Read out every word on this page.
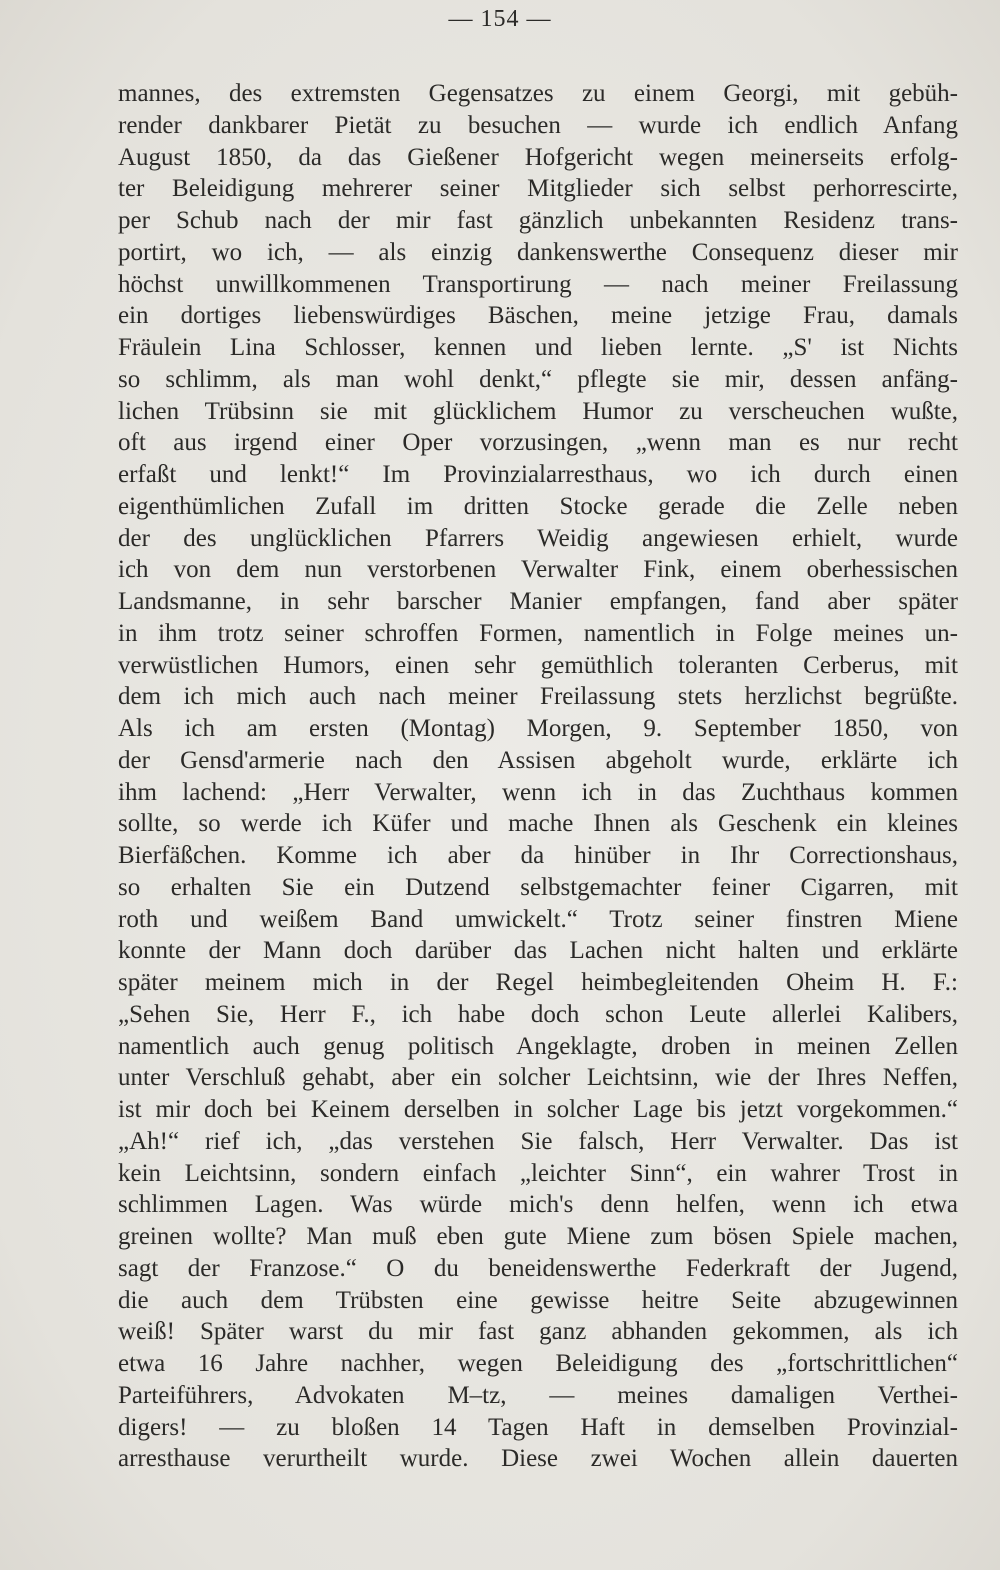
— 154 —
mannes, des extremsten Gegensatzes zu einem Georgi, mit gebüh-
render dankbarer Pietät zu besuchen — wurde ich endlich Anfang
August 1850, da das Gießener Hofgericht wegen meinerseits erfolg-
ter Beleidigung mehrerer seiner Mitglieder sich selbst perhorrescirte,
per Schub nach der mir fast gänzlich unbekannten Residenz trans-
portirt, wo ich, — als einzig dankenswerthe Consequenz dieser mir
höchst unwillkommenen Transportirung — nach meiner Freilassung
ein dortiges liebenswürdiges Bäschen, meine jetzige Frau, damals
Fräulein Lina Schlosser, kennen und lieben lernte. „S' ist Nichts
so schlimm, als man wohl denkt,“ pflegte sie mir, dessen anfäng-
lichen Trübsinn sie mit glücklichem Humor zu verscheuchen wußte,
oft aus irgend einer Oper vorzusingen, „wenn man es nur recht
erfaßt und lenkt!“ Im Provinzialarresthaus, wo ich durch einen
eigenthümlichen Zufall im dritten Stocke gerade die Zelle neben
der des unglücklichen Pfarrers Weidig angewiesen erhielt, wurde
ich von dem nun verstorbenen Verwalter Fink, einem oberhessischen
Landsmanne, in sehr barscher Manier empfangen, fand aber später
in ihm trotz seiner schroffen Formen, namentlich in Folge meines un-
verwüstlichen Humors, einen sehr gemüthlich toleranten Cerberus, mit
dem ich mich auch nach meiner Freilassung stets herzlichst begrüßte.
Als ich am ersten (Montag) Morgen, 9. September 1850, von
der Gensd'armerie nach den Assisen abgeholt wurde, erklärte ich
ihm lachend: „Herr Verwalter, wenn ich in das Zuchthaus kommen
sollte, so werde ich Küfer und mache Ihnen als Geschenk ein kleines
Bierfäßchen. Komme ich aber da hinüber in Ihr Correctionshaus,
so erhalten Sie ein Dutzend selbstgemachter feiner Cigarren, mit
roth und weißem Band umwickelt.“ Trotz seiner finstren Miene
konnte der Mann doch darüber das Lachen nicht halten und erklärte
später meinem mich in der Regel heimbegleitenden Oheim H. F.:
„Sehen Sie, Herr F., ich habe doch schon Leute allerlei Kalibers,
namentlich auch genug politisch Angeklagte, droben in meinen Zellen
unter Verschluß gehabt, aber ein solcher Leichtsinn, wie der Ihres Neffen,
ist mir doch bei Keinem derselben in solcher Lage bis jetzt vorgekommen.“
„Ah!“ rief ich, „das verstehen Sie falsch, Herr Verwalter. Das ist
kein Leichtsinn, sondern einfach „leichter Sinn“, ein wahrer Trost in
schlimmen Lagen. Was würde mich's denn helfen, wenn ich etwa
greinen wollte? Man muß eben gute Miene zum bösen Spiele machen,
sagt der Franzose.“ O du beneidenswerthe Federkraft der Jugend,
die auch dem Trübsten eine gewisse heitre Seite abzugewinnen
weiß! Später warst du mir fast ganz abhanden gekommen, als ich
etwa 16 Jahre nachher, wegen Beleidigung des „fortschrittlichen“
Parteiführers, Advokaten M–tz, — meines damaligen Verthei-
digers! — zu bloßen 14 Tagen Haft in demselben Provinzial-
arresthause verurtheilt wurde. Diese zwei Wochen allein dauerten
